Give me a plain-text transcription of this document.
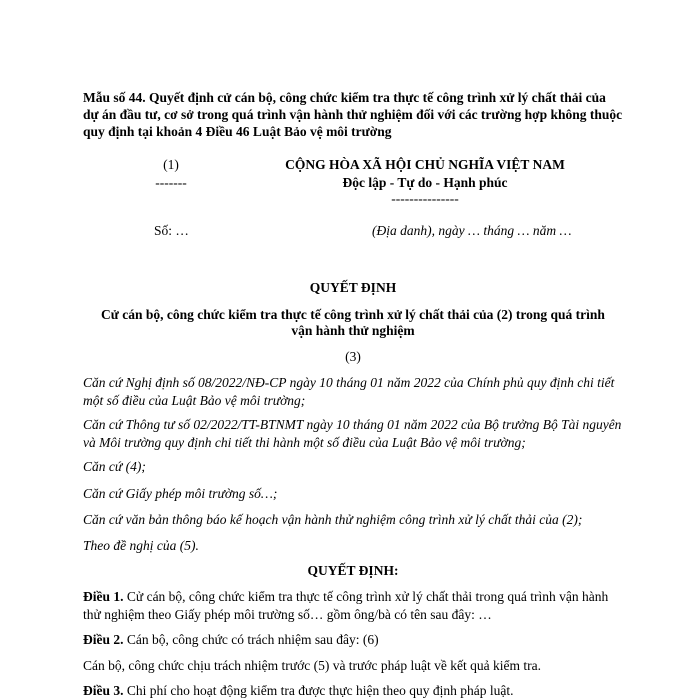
Mẫu số 44. Quyết định cử cán bộ, công chức kiểm tra thực tế công trình xử lý chất thải của dự án đầu tư, cơ sở trong quá trình vận hành thử nghiệm đối với các trường hợp không thuộc quy định tại khoản 4 Điều 46 Luật Bảo vệ môi trường
(1)
-------
CỘNG HÒA XÃ HỘI CHỦ NGHĨA VIỆT NAM
Độc lập - Tự do - Hạnh phúc
---------------
Số: …	(Địa danh), ngày … tháng … năm …
QUYẾT ĐỊNH
Cử cán bộ, công chức kiểm tra thực tế công trình xử lý chất thải của (2) trong quá trình
vận hành thử nghiệm
(3)
Căn cứ Nghị định số 08/2022/NĐ-CP ngày 10 tháng 01 năm 2022 của Chính phủ quy định chi tiết một số điều của Luật Bảo vệ môi trường;
Căn cứ Thông tư số 02/2022/TT-BTNMT ngày 10 tháng 01 năm 2022 của Bộ trưởng Bộ Tài nguyên và Môi trường quy định chi tiết thi hành một số điều của Luật Bảo vệ môi trường;
Căn cứ (4);
Căn cứ Giấy phép môi trường số…;
Căn cứ văn bản thông báo kế hoạch vận hành thử nghiệm công trình xử lý chất thải của (2);
Theo đề nghị của (5).
QUYẾT ĐỊNH:
Điều 1. Cử cán bộ, công chức kiểm tra thực tế công trình xử lý chất thải trong quá trình vận hành thử nghiệm theo Giấy phép môi trường số… gồm ông/bà có tên sau đây: …
Điều 2. Cán bộ, công chức có trách nhiệm sau đây: (6)
Cán bộ, công chức chịu trách nhiệm trước (5) và trước pháp luật về kết quả kiểm tra.
Điều 3. Chi phí cho hoạt động kiểm tra được thực hiện theo quy định pháp luật.
